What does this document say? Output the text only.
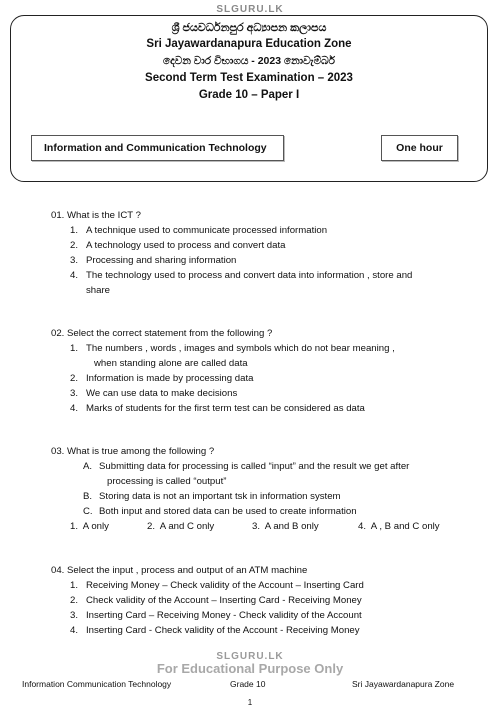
SLGURU.LK
ශ්‍රී ජයවර්ධනපුර අධ්‍යාපන කලාපය
Sri Jayawardanapura Education Zone
දෙවන වාර විභාගය - 2023 නොවැම්බර්
Second Term Test Examination – 2023
Grade 10 – Paper I
Information and Communication Technology	One hour
01. What is the ICT ?
1. A technique used to communicate processed information
2. A technology used to process and convert data
3. Processing and sharing information
4. The technology used to process and convert data into information , store and
share
02. Select the correct statement from the following ?
1. The numbers , words , images and symbols which do not bear meaning ,
when standing alone are called data
2. Information is made by processing data
3. We can use data to make decisions
4. Marks of students for the first term test can be considered as data
03. What is true among the following ?
A. Submitting data for processing is called “input” and the result we get after
processing is called “output”
B. Storing data is not an important tsk in information system
C. Both input and stored data can be used to create information
1.  A only	2.  A and C only	3.  A and B only	4.  A , B and C only
04. Select the input , process and output of an ATM machine
1. Receiving Money – Check validity of the Account – Inserting Card
2. Check validity of the Account – Inserting Card - Receiving Money
3. Inserting Card – Receiving Money - Check validity of the Account
4. Inserting Card - Check validity of the Account - Receiving Money
SLGURU.LK
For Educational Purpose Only
Information Communication Technology	Grade 10	Sri Jayawardanapura Zone
1
